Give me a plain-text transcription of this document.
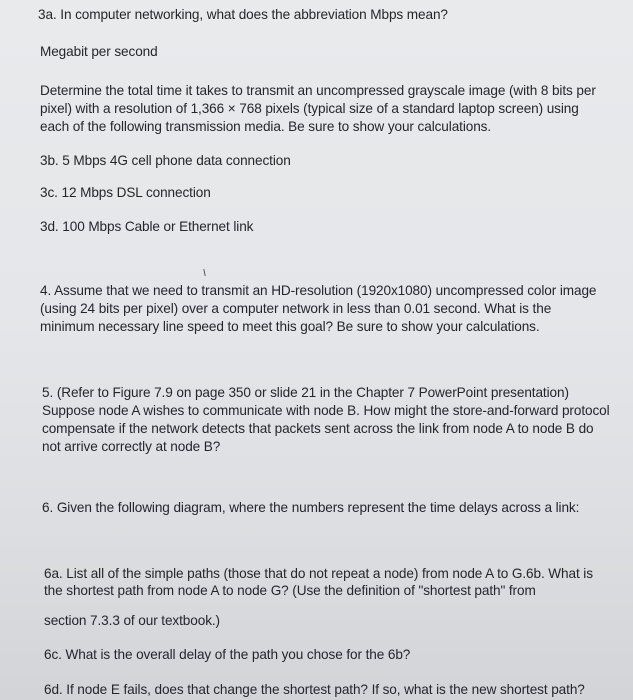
3a. In computer networking, what does the abbreviation Mbps mean?
Megabit per second
Determine the total time it takes to transmit an uncompressed grayscale image (with 8 bits per
pixel) with a resolution of 1,366 × 768 pixels (typical size of a standard laptop screen) using
each of the following transmission media. Be sure to show your calculations.
3b. 5 Mbps 4G cell phone data connection
3c. 12 Mbps DSL connection
3d. 100 Mbps Cable or Ethernet link
4. Assume that we need to transmit an HD-resolution (1920x1080) uncompressed color image
(using 24 bits per pixel) over a computer network in less than 0.01 second. What is the
minimum necessary line speed to meet this goal? Be sure to show your calculations.
5. (Refer to Figure 7.9 on page 350 or slide 21 in the Chapter 7 PowerPoint presentation)
Suppose node A wishes to communicate with node B. How might the store-and-forward protocol
compensate if the network detects that packets sent across the link from node A to node B do
not arrive correctly at node B?
6. Given the following diagram, where the numbers represent the time delays across a link:
6a. List all of the simple paths (those that do not repeat a node) from node A to G.6b. What is
the shortest path from node A to node G? (Use the definition of "shortest path" from
section 7.3.3 of our textbook.)
6c. What is the overall delay of the path you chose for the 6b?
6d. If node E fails, does that change the shortest path? If so, what is the new shortest path?
